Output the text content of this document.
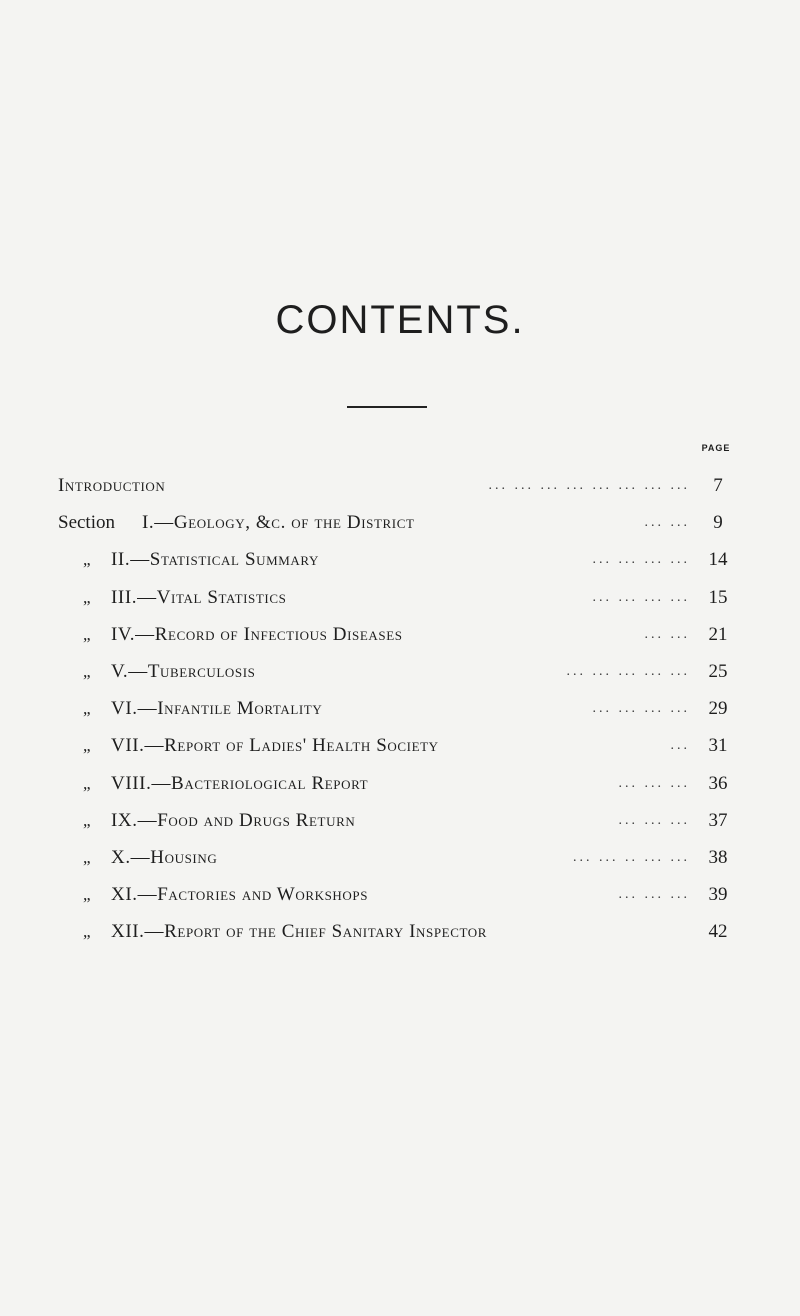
CONTENTS.
PAGE
Introduction	... ... ... ... ... ... ... ...	7
Section I.—Geology, &c. of the District	... ...	9
„ II.—Statistical Summary	... ... ... ... 14
„ III.—Vital Statistics	... ... ... ... 15
„ IV.—Record of Infectious Diseases	... ... 21
„ V.—Tuberculosis	... ... ... ... ... 25
„ VI.—Infantile Mortality	... ... ... ... 29
„ VII.—Report of Ladies' Health Society	... 31
„ VIII.—Bacteriological Report	... ... ... 36
„ IX.—Food and Drugs Return	... ... ... 37
„ X.—Housing	... ... .. ... ... 38
„ XI.—Factories and Workshops	... ... ... 39
„ XII.—Report of the Chief Sanitary Inspector	42
